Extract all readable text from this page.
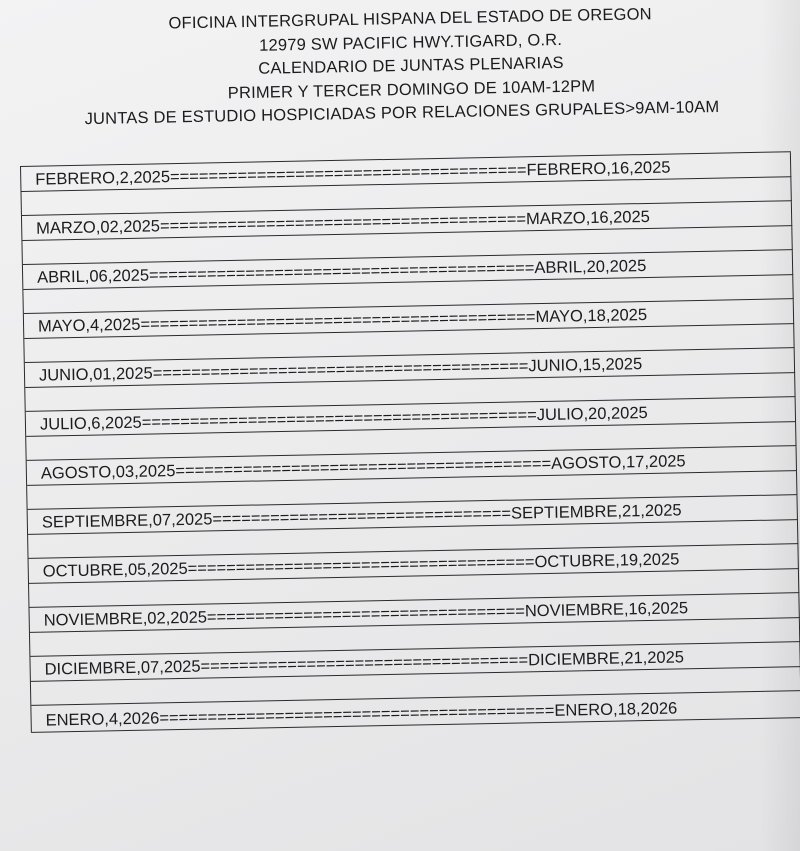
OFICINA INTERGRUPAL HISPANA DEL ESTADO DE OREGON
12979 SW PACIFIC HWY.TIGARD, O.R.
CALENDARIO DE JUNTAS PLENARIAS
PRIMER Y TERCER DOMINGO DE 10AM-12PM
JUNTAS DE ESTUDIO HOSPICIADAS POR RELACIONES GRUPALES>9AM-10AM
FEBRERO,2,2025=====================================FEBRERO,16,2025
MARZO,02,2025======================================MARZO,16,2025
ABRIL,06,2025========================================ABRIL,20,2025
MAYO,4,2025=========================================MAYO,18,2025
JUNIO,01,2025=======================================JUNIO,15,2025
JULIO,6,2025=========================================JULIO,20,2025
AGOSTO,03,2025=======================================AGOSTO,17,2025
SEPTIEMBRE,07,2025===============================SEPTIEMBRE,21,2025
OCTUBRE,05,2025====================================OCTUBRE,19,2025
NOVIEMBRE,02,2025=================================NOVIEMBRE,16,2025
DICIEMBRE,07,2025==================================DICIEMBRE,21,2025
ENERO,4,2026=========================================ENERO,18,2026
